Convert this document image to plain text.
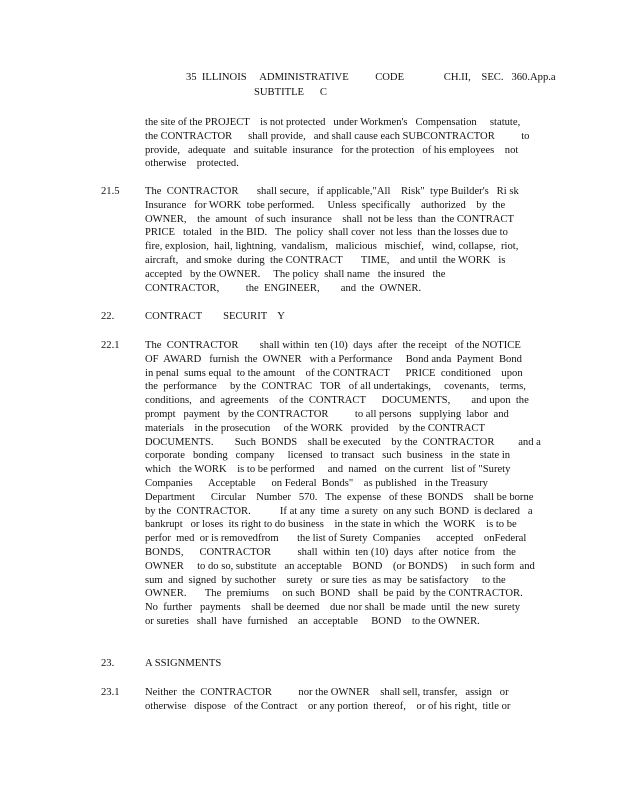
35  ILLINOIS     ADMINISTRATIVE          CODE               CH.II,    SEC.   360.App.a
SUBTITLE      C
the site of the PROJECT    is not protected   under Workmen's   Compensation     statute,
the CONTRACTOR      shall provide,   and shall cause each SUBCONTRACTOR          to
provide,   adequate   and  suitable  insurance   for the protection   of his employees    not
otherwise    protected.
21.5 The  CONTRACTOR       shall secure,   if applicable,"All    Risk"  type Builder's   Ri sk
Insurance   for WORK  tobe performed.     Unless  specifically    authorized    by  the
OWNER,    the  amount   of such  insurance    shall  not be less  than  the CONTRACT
PRICE   totaled   in the BID.   The  policy  shall cover  not less  than the losses due to
fire, explosion,  hail, lightning,  vandalism,   malicious   mischief,   wind, collapse,  riot,
aircraft,   and smoke  during  the CONTRACT       TIME,    and until  the WORK   is
accepted   by the OWNER.     The policy  shall name   the insured   the
CONTRACTOR,          the  ENGINEER,        and  the  OWNER.
22.	CONTRACT        SECURIT    Y
22.1 The  CONTRACTOR        shall within  ten (10)  days  after  the receipt   of the NOTICE
OF  AWARD   furnish  the  OWNER   with a Performance     Bond anda  Payment  Bond
in penal  sums equal  to the amount    of the CONTRACT      PRICE  conditioned    upon
the  performance     by the  CONTRAC   TOR   of all undertakings,     covenants,    terms,
conditions,   and  agreements    of the  CONTRACT      DOCUMENTS,        and upon  the
prompt   payment   by the CONTRACTOR          to all persons   supplying  labor  and
materials    in the prosecution     of the WORK   provided    by the CONTRACT
DOCUMENTS.        Such  BONDS    shall be executed    by the  CONTRACTOR         and a
corporate   bonding   company     licensed   to transact   such  business   in the  state in
which   the WORK    is to be performed     and  named   on the current   list of "Surety
Companies      Acceptable      on Federal  Bonds"    as published   in the Treasury
Department      Circular    Number   570.   The  expense   of these  BONDS    shall be borne
by the  CONTRACTOR.           If at any  time  a surety  on any such  BOND  is declared   a
bankrupt   or loses  its right to do business    in the state in which  the  WORK    is to be
perfor  med  or is removedfrom       the list of Surety  Companies      accepted    onFederal
BONDS,      CONTRACTOR          shall  within  ten (10)  days  after  notice  from   the
OWNER     to do so, substitute   an acceptable    BOND    (or BONDS)     in such form  and
sum  and  signed  by suchother    surety   or sure ties  as may  be satisfactory     to the
OWNER.       The  premiums     on such  BOND   shall  be paid  by the CONTRACTOR.
No  further   payments    shall be deemed    due nor shall  be made  until  the new  surety
or sureties   shall  have  furnished    an  acceptable     BOND    to the OWNER.
23.	A SSIGNMENTS
23.1 Neither  the  CONTRACTOR          nor the OWNER    shall sell, transfer,   assign   or
otherwise   dispose   of the Contract    or any portion  thereof,    or of his right,  title or
